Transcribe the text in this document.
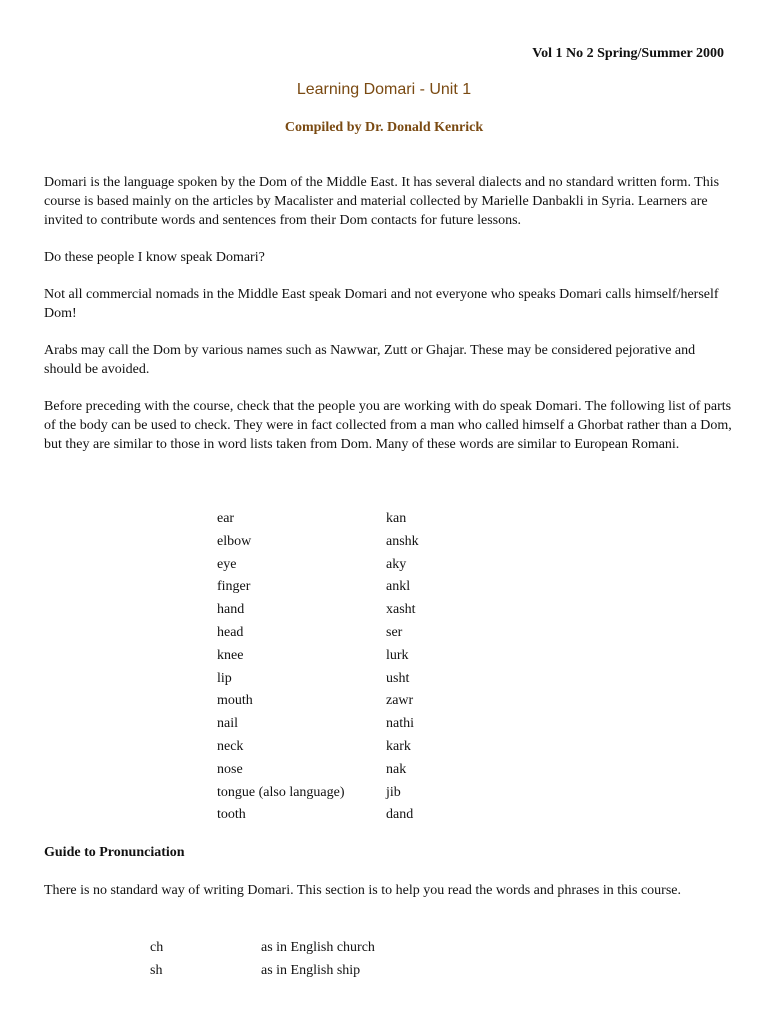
Vol 1 No 2 Spring/Summer 2000
Learning Domari - Unit 1
Compiled by Dr. Donald Kenrick

Domari is the language spoken by the Dom of the Middle East. It has several dialects and no standard written form. This course is based mainly on the articles by Macalister and material collected by Marielle Danbakli in Syria. Learners are invited to contribute words and sentences from their Dom contacts for future lessons.

Do these people I know speak Domari?

Not all commercial nomads in the Middle East speak Domari and not everyone who speaks Domari calls himself/herself Dom!

Arabs may call the Dom by various names such as Nawwar, Zutt or Ghajar. These may be considered pejorative and should be avoided.

Before preceding with the course, check that the people you are working with do speak Domari. The following list of parts of the body can be used to check. They were in fact collected from a man who called himself a Ghorbat rather than a Dom, but they are similar to those in word lists taken from Dom. Many of these words are similar to European Romani.

ear	kan
elbow	anshk
eye	aky
finger	ankl
hand	xasht
head	ser
knee	lurk
lip	usht
mouth	zawr
nail	nathi
neck	kark
nose	nak
tongue (also language)	jib
tooth	dand
Guide to Pronunciation

There is no standard way of writing Domari. This section is to help you read the words and phrases in this course.

ch	as in English church
sh	as in English ship
